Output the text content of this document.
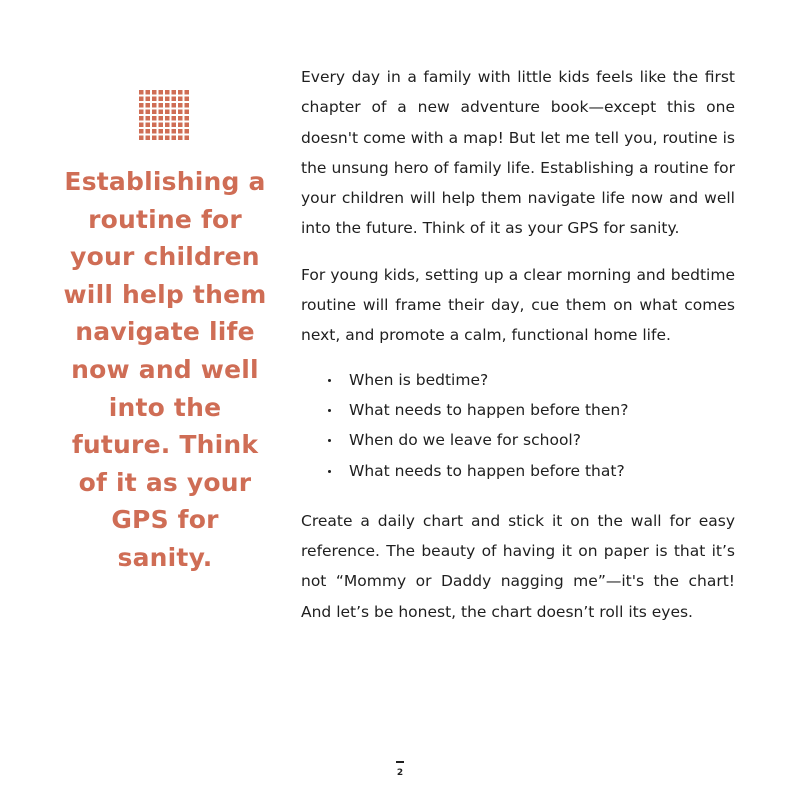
Establishing a routine for your children will help them navigate life now and well into the future. Think of it as your GPS for sanity.

Every day in a family with little kids feels like the first chapter of a new adventure book—except this one doesn't come with a map! But let me tell you, routine is the unsung hero of family life. Establishing a routine for your children will help them navigate life now and well into the future. Think of it as your GPS for sanity.

For young kids, setting up a clear morning and bedtime routine will frame their day, cue them on what comes next, and promote a calm, functional home life.

When is bedtime?
What needs to happen before then?
When do we leave for school?
What needs to happen before that?

Create a daily chart and stick it on the wall for easy reference. The beauty of having it on paper is that it’s not “Mommy or Daddy nagging me”—it's the chart! And let’s be honest, the chart doesn’t roll its eyes.

2
